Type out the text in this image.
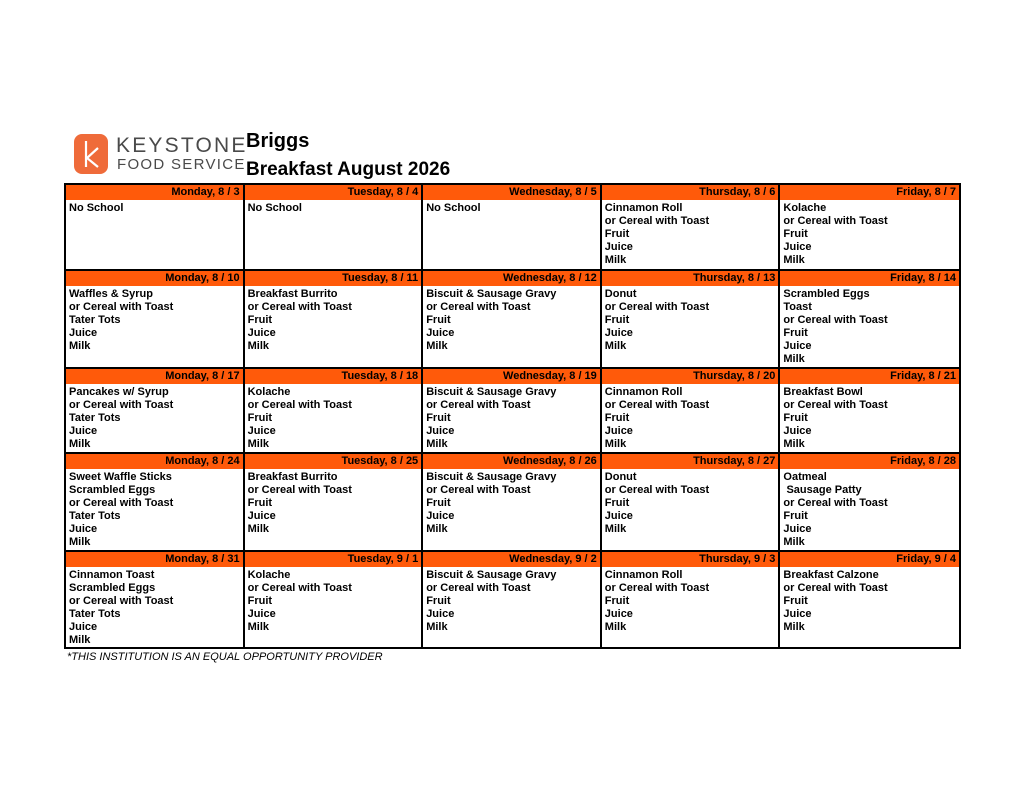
KEYSTONE
FOOD SERVICE
Briggs
Breakfast August 2026
Monday, 8 / 3
No School
Tuesday, 8 / 4
No School
Wednesday, 8 / 5
No School
Thursday, 8 / 6
Cinnamon Roll
or Cereal with Toast
Fruit
Juice
Milk
Friday, 8 / 7
Kolache
or Cereal with Toast
Fruit
Juice
Milk
Monday, 8 / 10
Waffles & Syrup
or Cereal with Toast
Tater Tots
Juice
Milk
Tuesday, 8 / 11
Breakfast Burrito
or Cereal with Toast
Fruit
Juice
Milk
Wednesday, 8 / 12
Biscuit & Sausage Gravy
or Cereal with Toast
Fruit
Juice
Milk
Thursday, 8 / 13
Donut
or Cereal with Toast
Fruit
Juice
Milk
Friday, 8 / 14
Scrambled Eggs
Toast
or Cereal with Toast
Fruit
Juice
Milk
Monday, 8 / 17
Pancakes w/ Syrup
or Cereal with Toast
Tater Tots
Juice
Milk
Tuesday, 8 / 18
Kolache
or Cereal with Toast
Fruit
Juice
Milk
Wednesday, 8 / 19
Biscuit & Sausage Gravy
or Cereal with Toast
Fruit
Juice
Milk
Thursday, 8 / 20
Cinnamon Roll
or Cereal with Toast
Fruit
Juice
Milk
Friday, 8 / 21
Breakfast Bowl
or Cereal with Toast
Fruit
Juice
Milk
Monday, 8 / 24
Sweet Waffle Sticks
Scrambled Eggs
or Cereal with Toast
Tater Tots
Juice
Milk
Tuesday, 8 / 25
Breakfast Burrito
or Cereal with Toast
Fruit
Juice
Milk
Wednesday, 8 / 26
Biscuit & Sausage Gravy
or Cereal with Toast
Fruit
Juice
Milk
Thursday, 8 / 27
Donut
or Cereal with Toast
Fruit
Juice
Milk
Friday, 8 / 28
Oatmeal
Sausage Patty
or Cereal with Toast
Fruit
Juice
Milk
Monday, 8 / 31
Cinnamon Toast
Scrambled Eggs
or Cereal with Toast
Tater Tots
Juice
Milk
Tuesday, 9 / 1
Kolache
or Cereal with Toast
Fruit
Juice
Milk
Wednesday, 9 / 2
Biscuit & Sausage Gravy
or Cereal with Toast
Fruit
Juice
Milk
Thursday, 9 / 3
Cinnamon Roll
or Cereal with Toast
Fruit
Juice
Milk
Friday, 9 / 4
Breakfast Calzone
or Cereal with Toast
Fruit
Juice
Milk
*THIS INSTITUTION IS AN EQUAL OPPORTUNITY PROVIDER
